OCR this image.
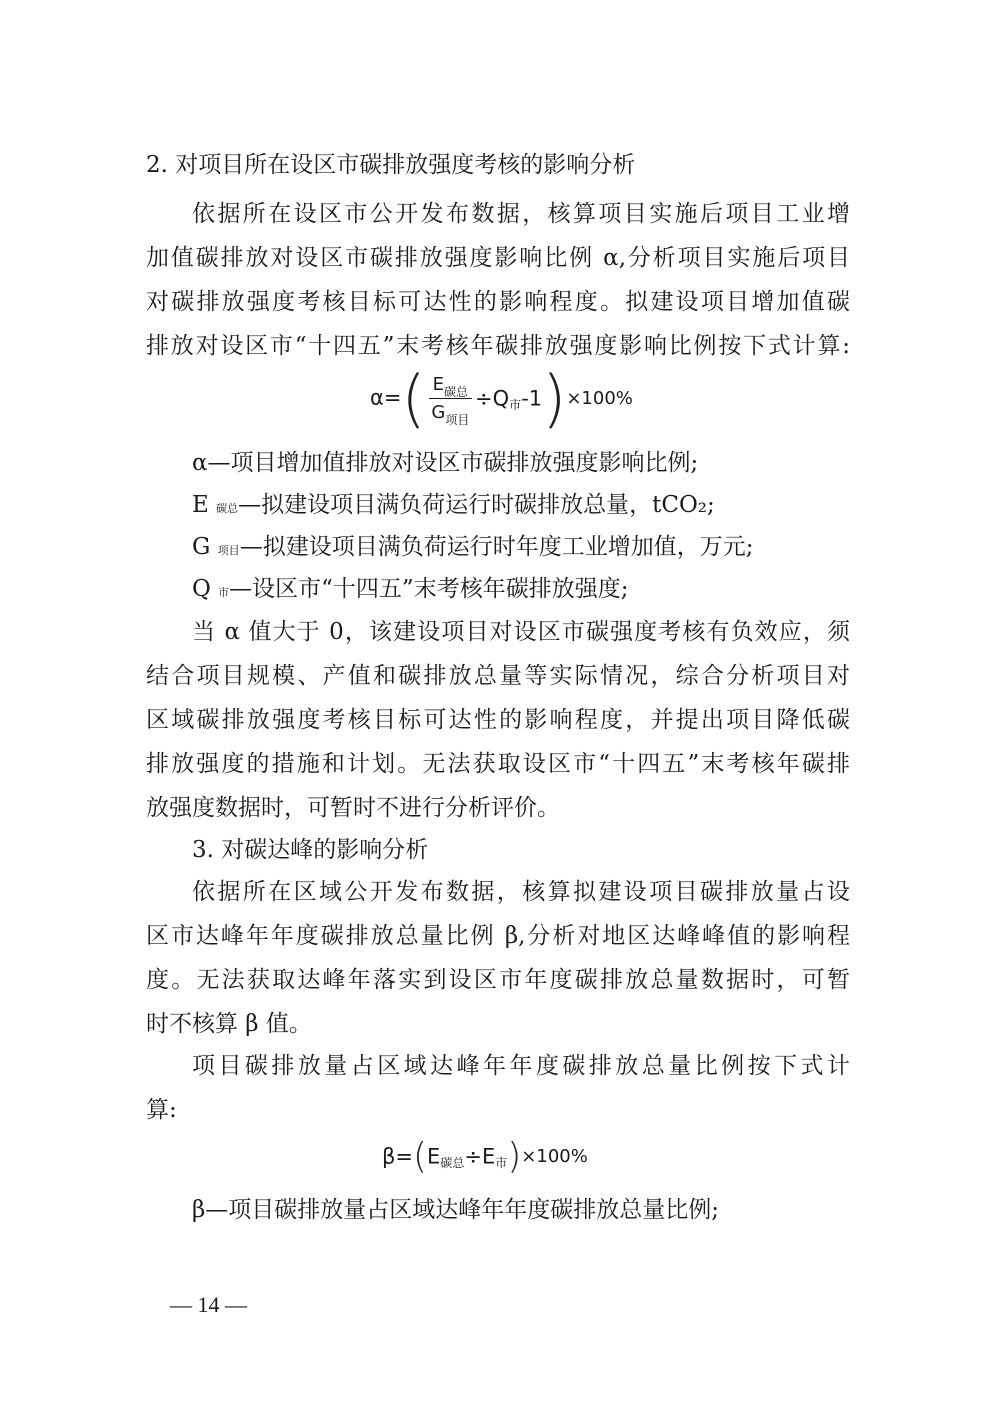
2. 对项目所在设区市碳排放强度考核的影响分析
依据所在设区市公开发布数据，核算项目实施后项目工业增
加值碳排放对设区市碳排放强度影响比例 α,分析项目实施后项目
对碳排放强度考核目标可达性的影响程度。拟建设项目增加值碳
排放对设区市“十四五”末考核年碳排放强度影响比例按下式计算:
$\alpha=( \frac{E_{碳总}}{G_{项目}} \div Q_市-1)\times 100\%$
α—项目增加值排放对设区市碳排放强度影响比例;
E 碳总—拟建设项目满负荷运行时碳排放总量，tCO₂;
G 项目—拟建设项目满负荷运行时年度工业增加值，万元;
Q 市—设区市“十四五”末考核年碳排放强度;
当 α 值大于 0，该建设项目对设区市碳强度考核有负效应，须
结合项目规模、产值和碳排放总量等实际情况，综合分析项目对
区域碳排放强度考核目标可达性的影响程度，并提出项目降低碳
排放强度的措施和计划。无法获取设区市“十四五”末考核年碳排
放强度数据时，可暂时不进行分析评价。
3. 对碳达峰的影响分析
依据所在区域公开发布数据，核算拟建设项目碳排放量占设
区市达峰年年度碳排放总量比例 β,分析对地区达峰峰值的影响程
度。无法获取达峰年落实到设区市年度碳排放总量数据时，可暂
时不核算 β 值。
项目碳排放量占区域达峰年年度碳排放总量比例按下式计
算:
$\beta=(E_{碳总}\div E_市)\times 100\%$
β—项目碳排放量占区域达峰年年度碳排放总量比例;
— 14 —
